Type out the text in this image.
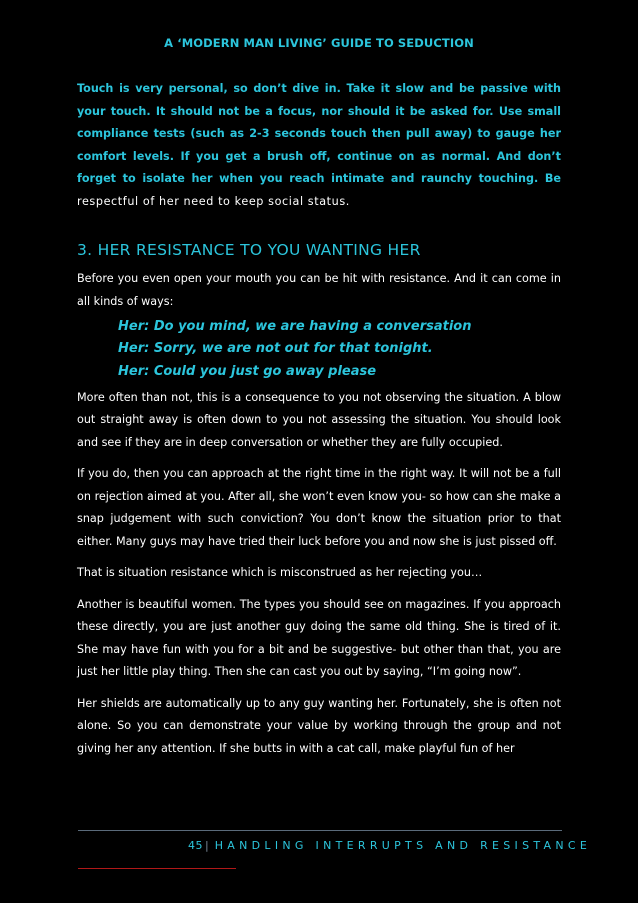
A ‘MODERN MAN LIVING’ GUIDE TO SEDUCTION

Touch is very personal, so don’t dive in. Take it slow and be passive with your touch. It should not be a focus, nor should it be asked for. Use small compliance tests (such as 2-3 seconds touch then pull away) to gauge her comfort levels. If you get a brush off, continue on as normal. And don’t forget to isolate her when you reach intimate and raunchy touching. Be respectful of her need to keep social status.

3. HER RESISTANCE TO YOU WANTING HER

Before you even open your mouth you can be hit with resistance. And it can come in all kinds of ways:

Her: Do you mind, we are having a conversation
Her: Sorry, we are not out for that tonight.
Her: Could you just go away please

More often than not, this is a consequence to you not observing the situation. A blow out straight away is often down to you not assessing the situation. You should look and see if they are in deep conversation or whether they are fully occupied.

If you do, then you can approach at the right time in the right way. It will not be a full on rejection aimed at you. After all, she won’t even know you- so how can she make a snap judgement with such conviction? You don’t know the situation prior to that either. Many guys may have tried their luck before you and now she is just pissed off.

That is situation resistance which is misconstrued as her rejecting you…

Another is beautiful women. The types you should see on magazines. If you approach these directly, you are just another guy doing the same old thing. She is tired of it. She may have fun with you for a bit and be suggestive- but other than that, you are just her little play thing. Then she can cast you out by saying, “I’m going now”.

Her shields are automatically up to any guy wanting her. Fortunately, she is often not alone. So you can demonstrate your value by working through the group and not giving her any attention. If she butts in with a cat call, make playful fun of her

45 | HANDLING INTERRUPTS AND RESISTANCE
